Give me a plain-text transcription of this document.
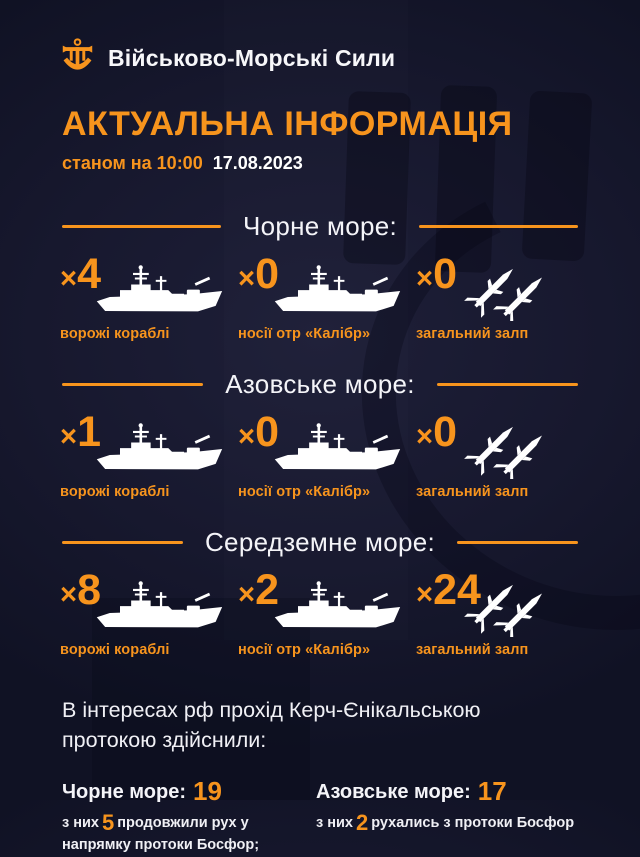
Військово-Морські Сили
АКТУАЛЬНА ІНФОРМАЦІЯ
станом на 10:00 17.08.2023
Чорне море:
×4
ворожі кораблі
×0
носії отр «Калібр»
×0
загальний залп
Азовське море:
×1
ворожі кораблі
×0
носії отр «Калібр»
×0
загальний залп
Середземне море:
×8
ворожі кораблі
×2
носії отр «Калібр»
×24
загальний залп

В інтересах рф прохід Керч-Єнікальською протокою здійснили:

Чорне море: 19
з них 5 продовжили рух у напрямку протоки Босфор;
Азовське море: 17
з них 2 рухались з протоки Босфор
